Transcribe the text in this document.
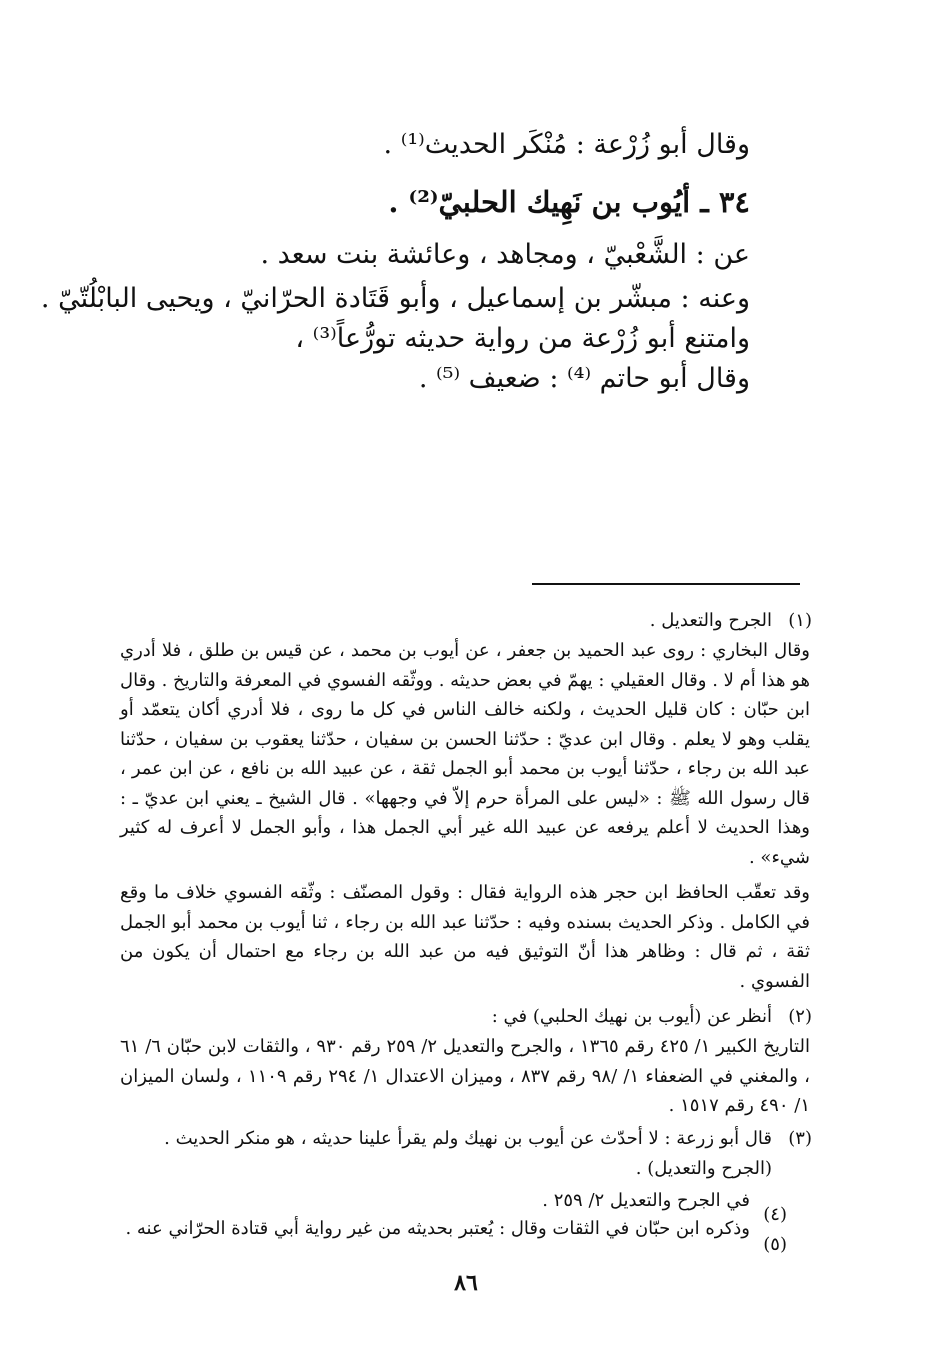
وقال أبو زُرْعة : مُنْكَر الحديث⁽¹⁾ .
٣٤ ـ أيُوب بن نَهِيك الحلبيّ⁽²⁾ .
عن : الشَّعْبيّ ، ومجاهد ، وعائشة بنت سعد .
وعنه : مبشّر بن إسماعيل ، وأبو قَتَادة الحرّانيّ ، ويحيى البابْلُتّيّ .
وامتنع أبو زُرْعة من رواية حديثه تورُّعاً⁽³⁾ ،
وقال أبو حاتم ⁽⁴⁾ : ضعيف ⁽⁵⁾ .
(١)
الجرح والتعديل .
وقال البخاري : روى عبد الحميد بن جعفر ، عن أيوب بن محمد ، عن قيس بن طلق ، فلا أدري هو هذا أم لا . وقال العقيلي : يهمّ في بعض حديثه . ووثّقه الفسوي في المعرفة والتاريخ . وقال ابن حبّان : كان قليل الحديث ، ولكنه خالف الناس في كل ما روى ، فلا أدري أكان يتعمّد أو يقلب وهو لا يعلم . وقال ابن عديّ : حدّثنا الحسن بن سفيان ، حدّثنا يعقوب بن سفيان ، حدّثنا عبد الله بن رجاء ، حدّثنا أيوب بن محمد أبو الجمل ثقة ، عن عبيد الله بن نافع ، عن ابن عمر ، قال رسول الله ﷺ : «ليس على المرأة حرم إلاّ في وجهها» . قال الشيخ ـ يعني ابن عديّ ـ : وهذا الحديث لا أعلم يرفعه عن عبيد الله غير أبي الجمل هذا ، وأبو الجمل لا أعرف له كثير شيء» .
وقد تعقّب الحافظ ابن حجر هذه الرواية فقال : وقول المصنّف : وثّقه الفسوي خلاف ما وقع في الكامل . وذكر الحديث بسنده وفيه : حدّثنا عبد الله بن رجاء ، ثنا أيوب بن محمد أبو الجمل ثقة ، ثم قال : وظاهر هذا أنّ التوثيق فيه من عبد الله بن رجاء مع احتمال أن يكون من الفسوي .
(٢)
أنظر عن (أيوب بن نهيك الحلبي) في :
التاريخ الكبير ١/ ٤٢٥ رقم ١٣٦٥ ، والجرح والتعديل ٢/ ٢٥٩ رقم ٩٣٠ ، والثقات لابن حبّان ٦/ ٦١ ، والمغني في الضعفاء ١/ /٩٨ رقم ٨٣٧ ، وميزان الاعتدال ١/ ٢٩٤ رقم ١١٠٩ ، ولسان الميزان ١/ ٤٩٠ رقم ١٥١٧ .
(٣)
قال أبو زرعة : لا أحدّث عن أيوب بن نهيك ولم يقرأ علينا حديثه ، هو منكر الحديث .
(الجرح والتعديل) .
(٤)
في الجرح والتعديل ٢/ ٢٥٩ .
(٥)
وذكره ابن حبّان في الثقات وقال : يُعتبر بحديثه من غير رواية أبي قتادة الحرّاني عنه .
٨٦
